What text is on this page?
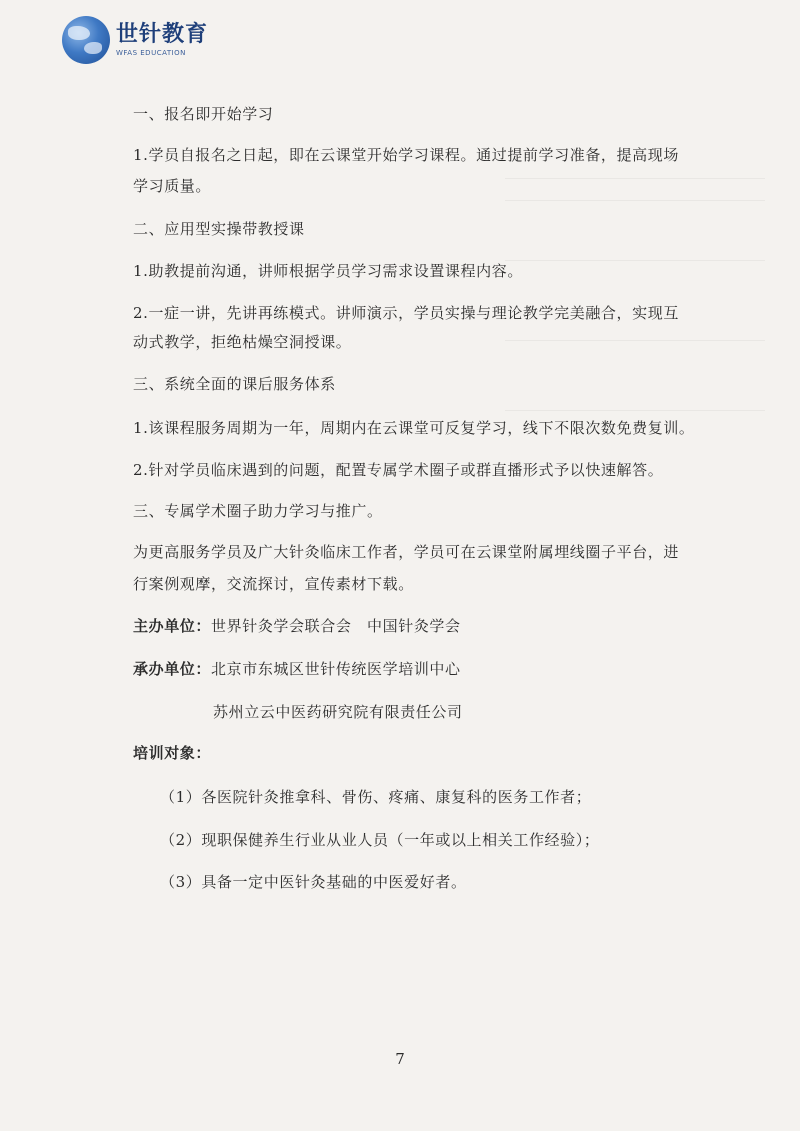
世针教育
WFAS EDUCATION
一、报名即开始学习
1.学员自报名之日起，即在云课堂开始学习课程。通过提前学习准备，提高现场
学习质量。
二、应用型实操带教授课
1.助教提前沟通，讲师根据学员学习需求设置课程内容。
2.一症一讲，先讲再练模式。讲师演示，学员实操与理论教学完美融合，实现互
动式教学，拒绝枯燥空洞授课。
三、系统全面的课后服务体系
1.该课程服务周期为一年，周期内在云课堂可反复学习，线下不限次数免费复训。
2.针对学员临床遇到的问题，配置专属学术圈子或群直播形式予以快速解答。
三、专属学术圈子助力学习与推广。
为更高服务学员及广大针灸临床工作者，学员可在云课堂附属埋线圈子平台，进
行案例观摩，交流探讨，宣传素材下载。
主办单位：世界针灸学会联合会　中国针灸学会
承办单位：北京市东城区世针传统医学培训中心
苏州立云中医药研究院有限责任公司
培训对象：
（1）各医院针灸推拿科、骨伤、疼痛、康复科的医务工作者；
（2）现职保健养生行业从业人员（一年或以上相关工作经验）；
（3）具备一定中医针灸基础的中医爱好者。
7
